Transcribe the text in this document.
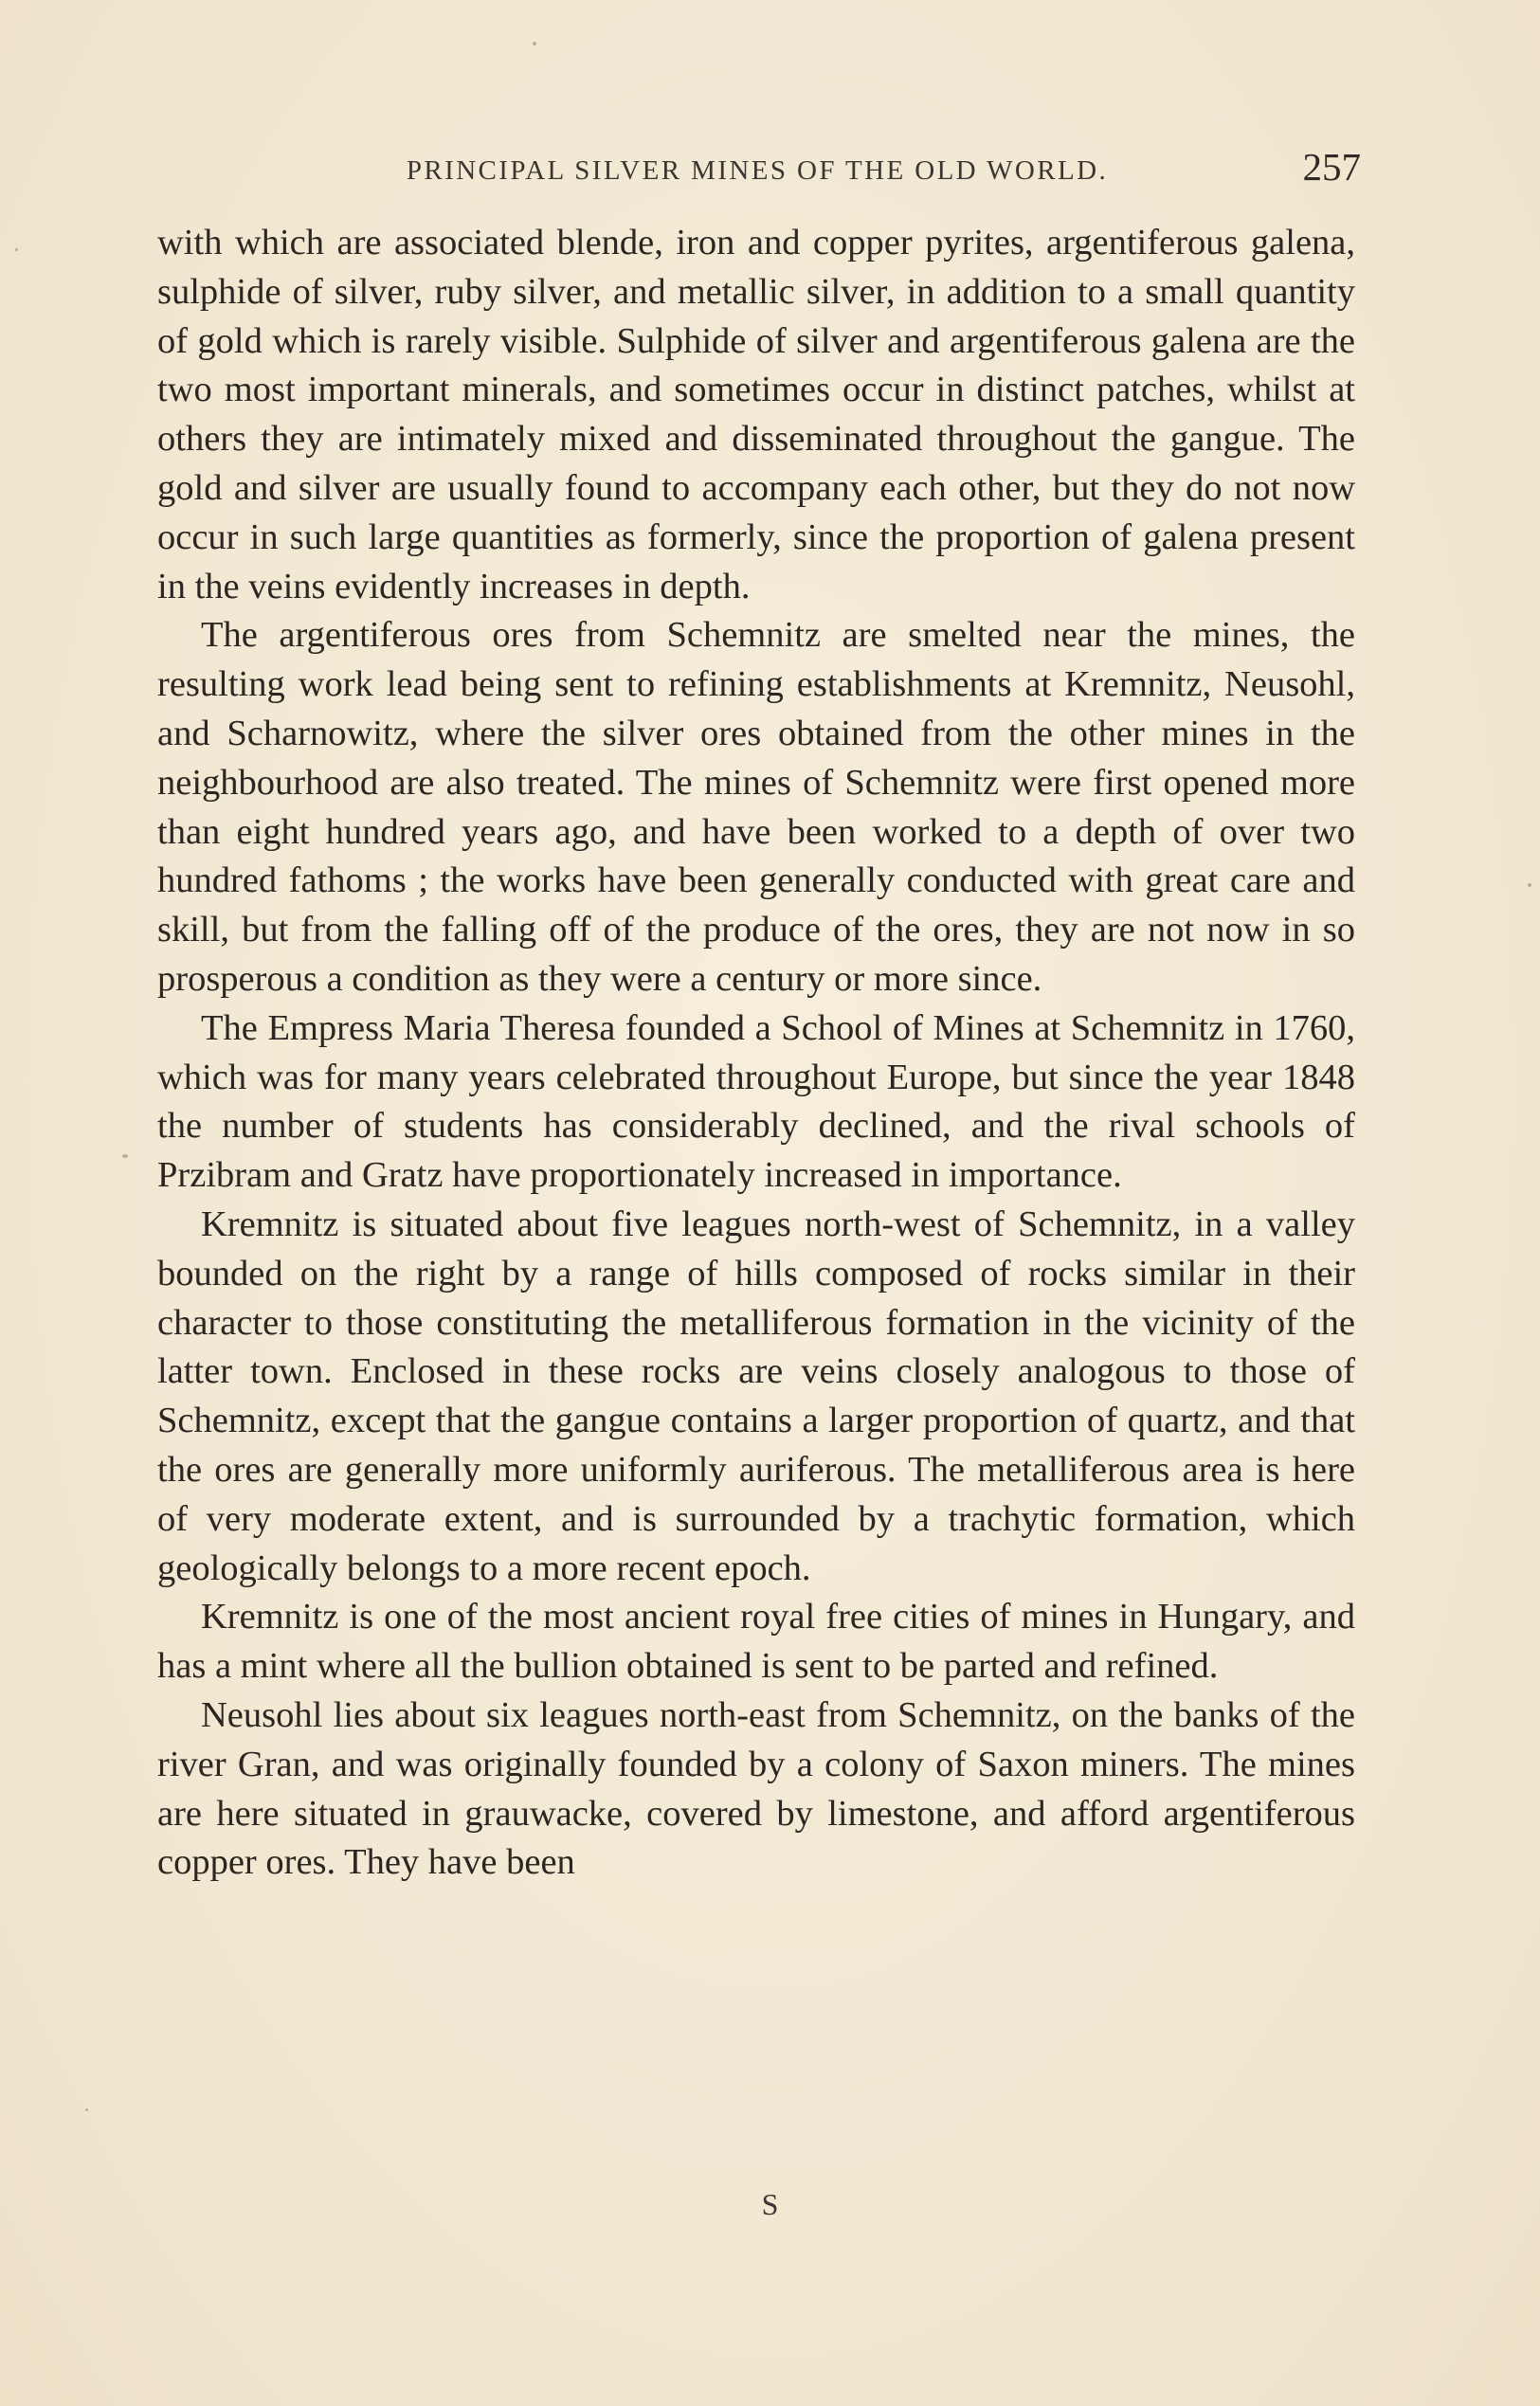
PRINCIPAL SILVER MINES OF THE OLD WORLD.	257

with which are associated blende, iron and copper pyrites, argentiferous galena, sulphide of silver, ruby silver, and metallic silver, in addition to a small quantity of gold which is rarely visible. Sulphide of silver and argentiferous galena are the two most important minerals, and sometimes occur in distinct patches, whilst at others they are intimately mixed and disseminated throughout the gangue. The gold and silver are usually found to accompany each other, but they do not now occur in such large quantities as formerly, since the proportion of galena present in the veins evidently increases in depth.

The argentiferous ores from Schemnitz are smelted near the mines, the resulting work lead being sent to refining establishments at Kremnitz, Neusohl, and Scharnowitz, where the silver ores obtained from the other mines in the neighbourhood are also treated. The mines of Schemnitz were first opened more than eight hundred years ago, and have been worked to a depth of over two hundred fathoms ; the works have been generally conducted with great care and skill, but from the falling off of the produce of the ores, they are not now in so prosperous a condition as they were a century or more since.

The Empress Maria Theresa founded a School of Mines at Schemnitz in 1760, which was for many years celebrated throughout Europe, but since the year 1848 the number of students has considerably declined, and the rival schools of Przibram and Gratz have proportionately increased in importance.

Kremnitz is situated about five leagues north-west of Schemnitz, in a valley bounded on the right by a range of hills composed of rocks similar in their character to those constituting the metalliferous formation in the vicinity of the latter town. Enclosed in these rocks are veins closely analogous to those of Schemnitz, except that the gangue contains a larger proportion of quartz, and that the ores are generally more uniformly auriferous. The metalliferous area is here of very moderate extent, and is surrounded by a trachytic formation, which geologically belongs to a more recent epoch.

Kremnitz is one of the most ancient royal free cities of mines in Hungary, and has a mint where all the bullion obtained is sent to be parted and refined.

Neusohl lies about six leagues north-east from Schemnitz, on the banks of the river Gran, and was originally founded by a colony of Saxon miners. The mines are here situated in grauwacke, covered by limestone, and afford argentiferous copper ores. They have been

S
